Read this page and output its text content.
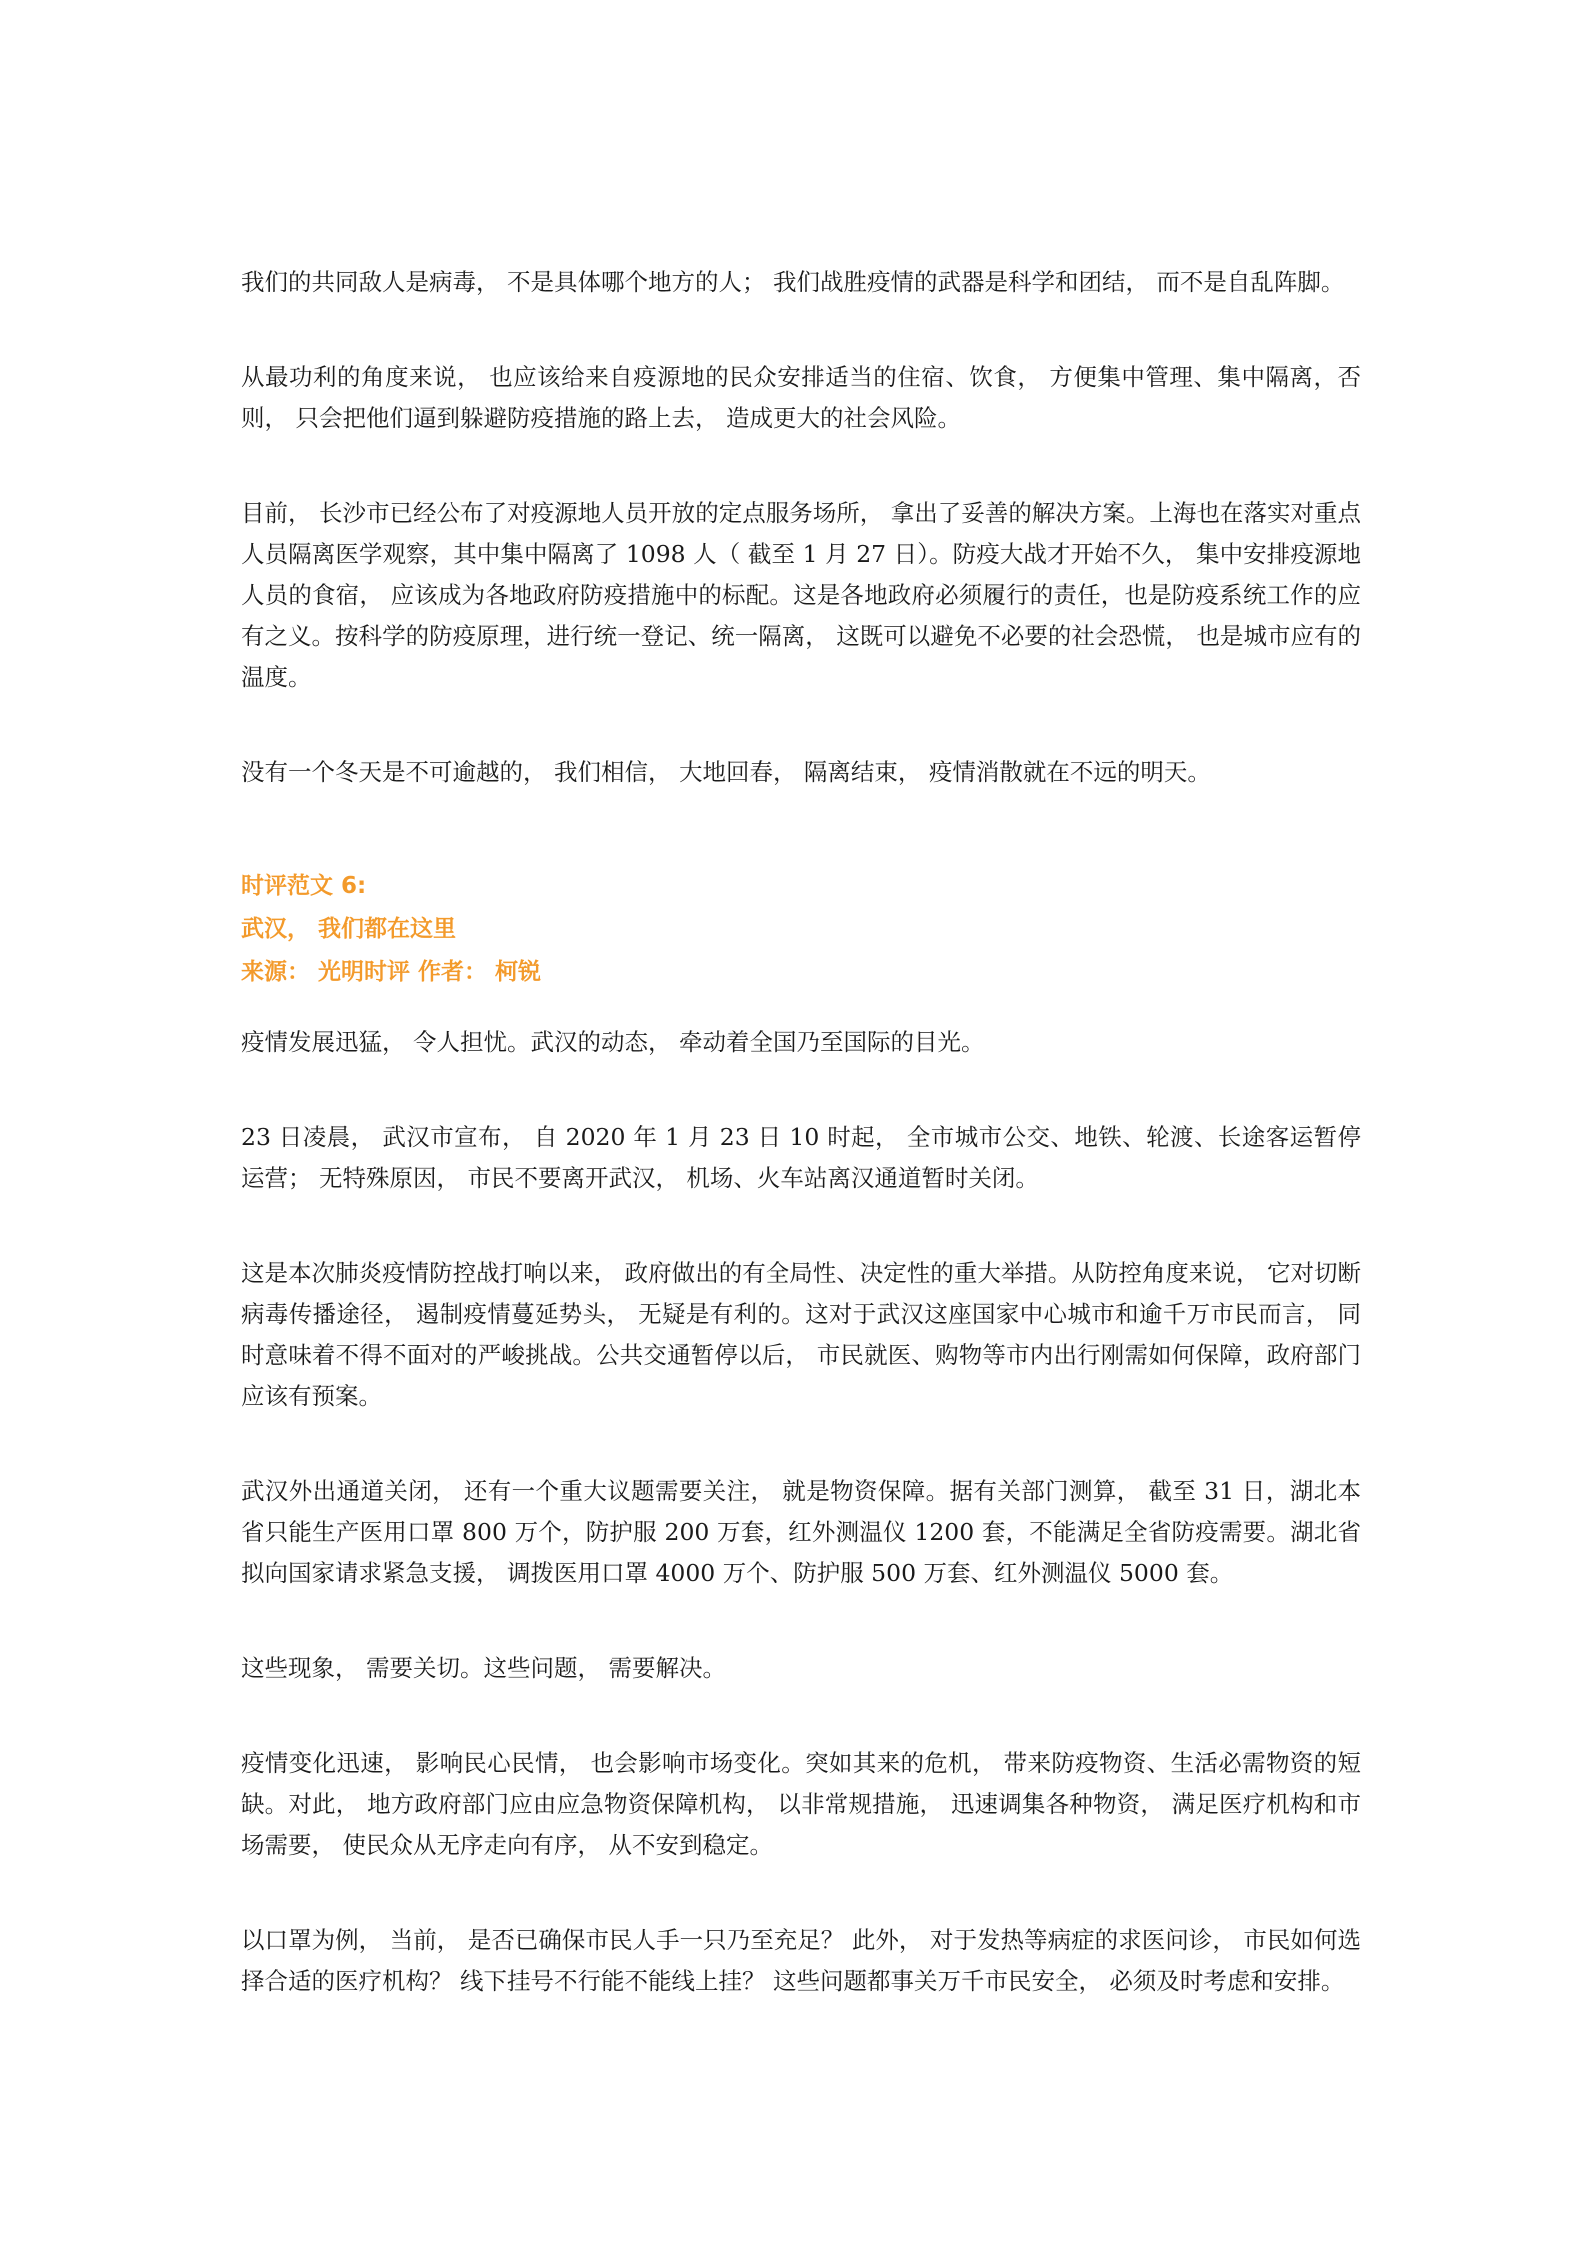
我们的共同敌人是病毒， 不是具体哪个地方的人； 我们战胜疫情的武器是科学和团结， 而不是自乱阵脚。

从最功利的角度来说， 也应该给来自疫源地的民众安排适当的住宿、饮食， 方便集中管理、集中隔离，否则， 只会把他们逼到躲避防疫措施的路上去， 造成更大的社会风险。

目前， 长沙市已经公布了对疫源地人员开放的定点服务场所， 拿出了妥善的解决方案。上海也在落实对重点人员隔离医学观察，其中集中隔离了 1098 人（ 截至 1 月 27 日）。防疫大战才开始不久， 集中安排疫源地人员的食宿， 应该成为各地政府防疫措施中的标配。这是各地政府必须履行的责任，也是防疫系统工作的应有之义。按科学的防疫原理，进行统一登记、统一隔离， 这既可以避免不必要的社会恐慌， 也是城市应有的温度。

没有一个冬天是不可逾越的， 我们相信， 大地回春， 隔离结束， 疫情消散就在不远的明天。

时评范文 6:

武汉， 我们都在这里

来源： 光明时评 作者： 柯锐

疫情发展迅猛， 令人担忧。武汉的动态， 牵动着全国乃至国际的目光。

23 日凌晨， 武汉市宣布， 自 2020 年 1 月 23 日 10 时起， 全市城市公交、地铁、轮渡、长途客运暂停运营； 无特殊原因， 市民不要离开武汉， 机场、火车站离汉通道暂时关闭。

这是本次肺炎疫情防控战打响以来， 政府做出的有全局性、决定性的重大举措。从防控角度来说， 它对切断病毒传播途径， 遏制疫情蔓延势头， 无疑是有利的。这对于武汉这座国家中心城市和逾千万市民而言， 同时意味着不得不面对的严峻挑战。公共交通暂停以后， 市民就医、购物等市内出行刚需如何保障，政府部门应该有预案。

武汉外出通道关闭， 还有一个重大议题需要关注， 就是物资保障。据有关部门测算， 截至 31 日，湖北本省只能生产医用口罩 800 万个，防护服 200 万套，红外测温仪 1200 套，不能满足全省防疫需要。湖北省拟向国家请求紧急支援， 调拨医用口罩 4000 万个、防护服 500 万套、红外测温仪 5000 套。

这些现象， 需要关切。这些问题， 需要解决。

疫情变化迅速， 影响民心民情， 也会影响市场变化。突如其来的危机， 带来防疫物资、生活必需物资的短缺。对此， 地方政府部门应由应急物资保障机构， 以非常规措施， 迅速调集各种物资， 满足医疗机构和市场需要， 使民众从无序走向有序， 从不安到稳定。

以口罩为例， 当前， 是否已确保市民人手一只乃至充足？ 此外， 对于发热等病症的求医问诊， 市民如何选择合适的医疗机构？ 线下挂号不行能不能线上挂？ 这些问题都事关万千市民安全， 必须及时考虑和安排。
